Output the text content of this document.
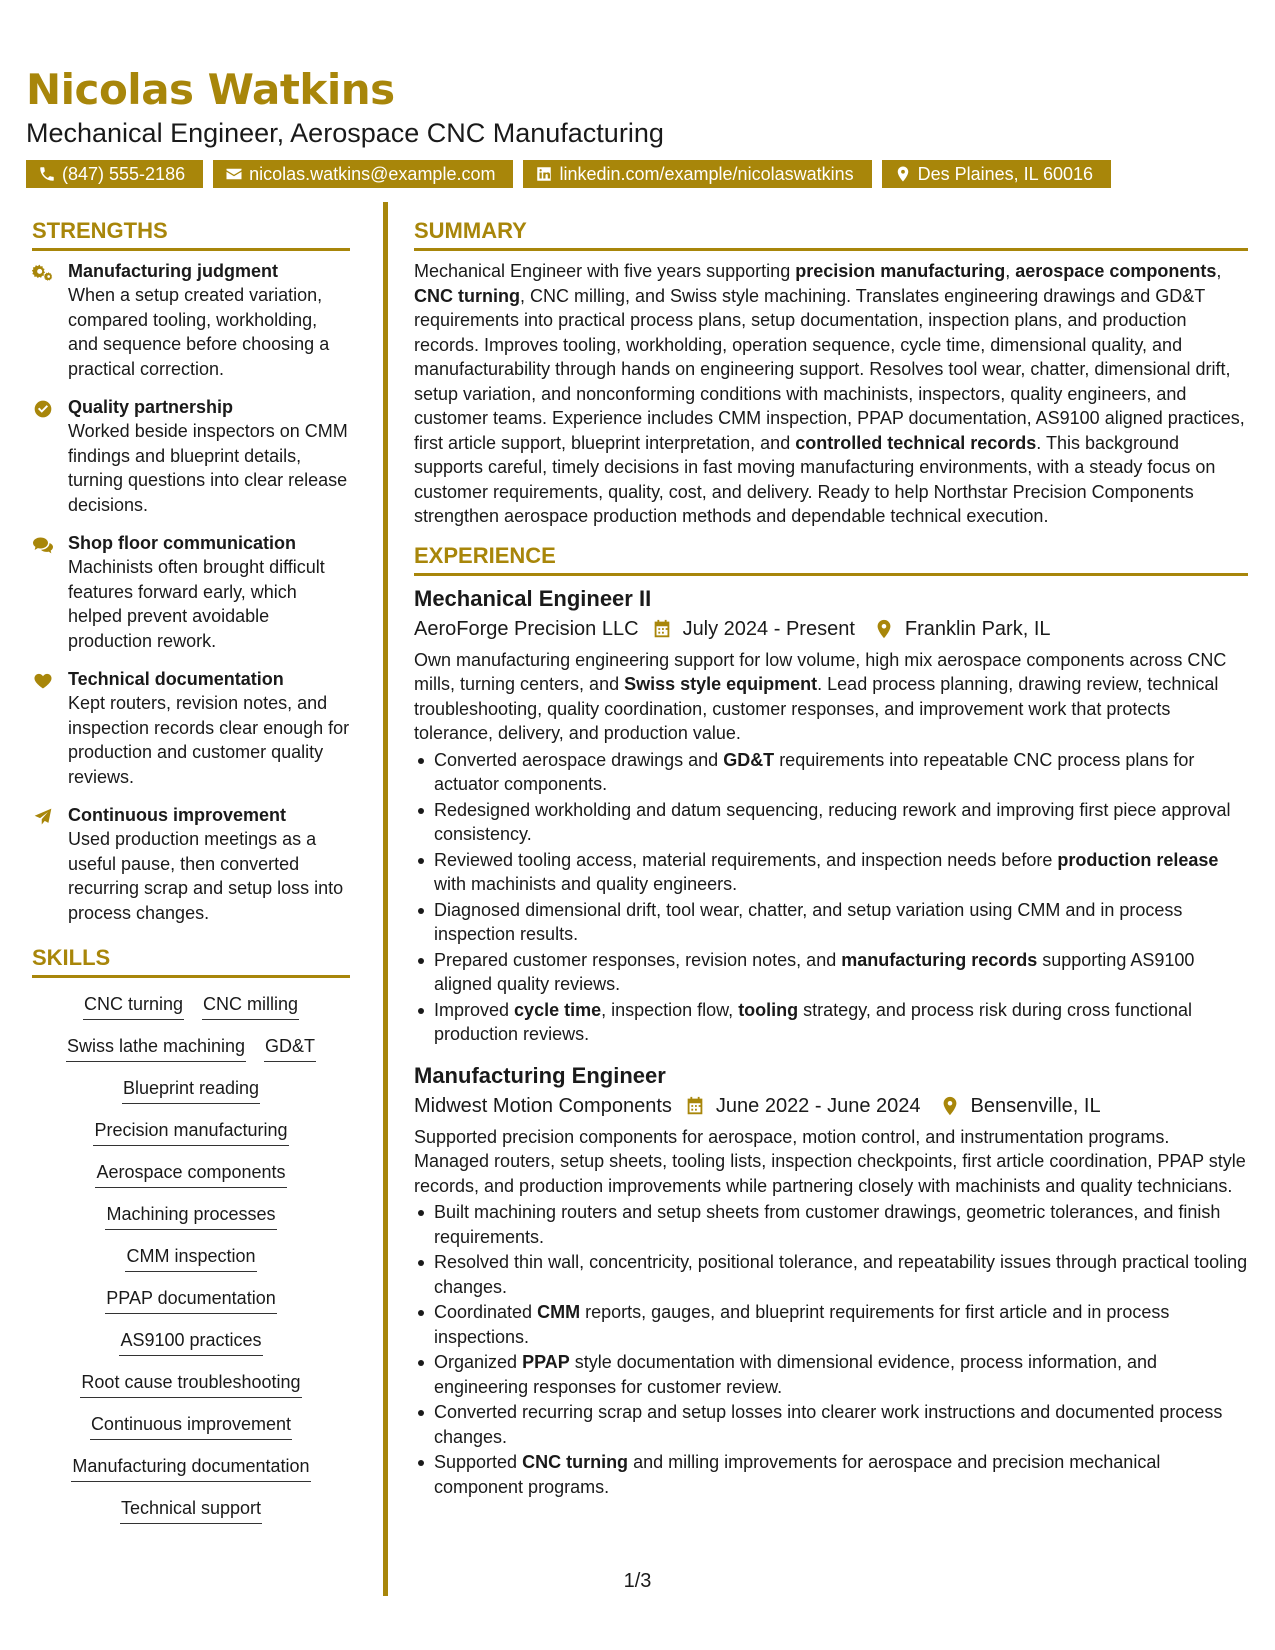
Nicolas Watkins
Mechanical Engineer, Aerospace CNC Manufacturing
(847) 555-2186	nicolas.watkins@example.com	linkedin.com/example/nicolaswatkins	Des Plaines, IL 60016
STRENGTHS
Manufacturing judgment
When a setup created variation, compared tooling, workholding, and sequence before choosing a practical correction.
Quality partnership
Worked beside inspectors on CMM findings and blueprint details, turning questions into clear release decisions.
Shop floor communication
Machinists often brought difficult features forward early, which helped prevent avoidable production rework.
Technical documentation
Kept routers, revision notes, and inspection records clear enough for production and customer quality reviews.
Continuous improvement
Used production meetings as a useful pause, then converted recurring scrap and setup loss into process changes.
SKILLS
CNC turning CNC milling
Swiss lathe machining GD&T
Blueprint reading
Precision manufacturing
Aerospace components
Machining processes
CMM inspection
PPAP documentation
AS9100 practices
Root cause troubleshooting
Continuous improvement
Manufacturing documentation
Technical support
SUMMARY
Mechanical Engineer with five years supporting precision manufacturing, aerospace components, CNC turning, CNC milling, and Swiss style machining. Translates engineering drawings and GD&T requirements into practical process plans, setup documentation, inspection plans, and production records. Improves tooling, workholding, operation sequence, cycle time, dimensional quality, and manufacturability through hands on engineering support. Resolves tool wear, chatter, dimensional drift, setup variation, and nonconforming conditions with machinists, inspectors, quality engineers, and customer teams. Experience includes CMM inspection, PPAP documentation, AS9100 aligned practices, first article support, blueprint interpretation, and controlled technical records. This background supports careful, timely decisions in fast moving manufacturing environments, with a steady focus on customer requirements, quality, cost, and delivery. Ready to help Northstar Precision Components strengthen aerospace production methods and dependable technical execution.
EXPERIENCE
Mechanical Engineer II
AeroForge Precision LLC July 2024 - Present	Franklin Park, IL
Own manufacturing engineering support for low volume, high mix aerospace components across CNC mills, turning centers, and Swiss style equipment. Lead process planning, drawing review, technical troubleshooting, quality coordination, customer responses, and improvement work that protects tolerance, delivery, and production value.
Converted aerospace drawings and GD&T requirements into repeatable CNC process plans for actuator components.
Redesigned workholding and datum sequencing, reducing rework and improving first piece approval consistency.
Reviewed tooling access, material requirements, and inspection needs before production release with machinists and quality engineers.
Diagnosed dimensional drift, tool wear, chatter, and setup variation using CMM and in process inspection results.
Prepared customer responses, revision notes, and manufacturing records supporting AS9100 aligned quality reviews.
Improved cycle time, inspection flow, tooling strategy, and process risk during cross functional production reviews.
Manufacturing Engineer
Midwest Motion Components June 2022 - June 2024	Bensenville, IL
Supported precision components for aerospace, motion control, and instrumentation programs. Managed routers, setup sheets, tooling lists, inspection checkpoints, first article coordination, PPAP style records, and production improvements while partnering closely with machinists and quality technicians.
Built machining routers and setup sheets from customer drawings, geometric tolerances, and finish requirements.
Resolved thin wall, concentricity, positional tolerance, and repeatability issues through practical tooling changes.
Coordinated CMM reports, gauges, and blueprint requirements for first article and in process inspections.
Organized PPAP style documentation with dimensional evidence, process information, and engineering responses for customer review.
Converted recurring scrap and setup losses into clearer work instructions and documented process changes.
Supported CNC turning and milling improvements for aerospace and precision mechanical component programs.
1/3
